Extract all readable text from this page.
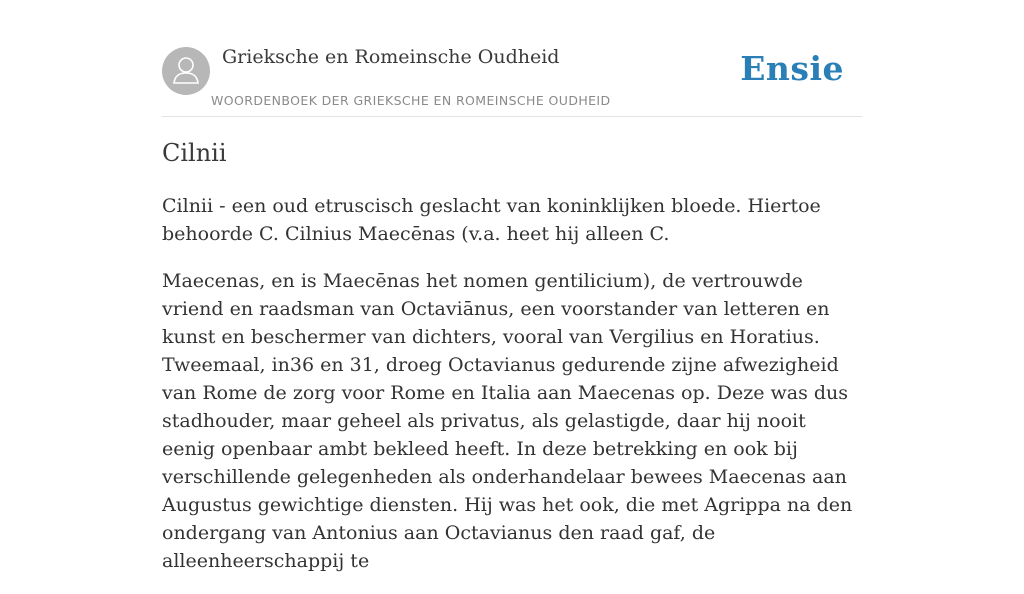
Grieksche en Romeinsche Oudheid
WOORDENBOEK DER GRIEKSCHE EN ROMEINSCHE OUDHEID
Ensie
Cilnii

Cilnii - een oud etruscisch geslacht van koninklijken bloede. Hiertoe behoorde C. Cilnius Maecēnas (v.a. heet hij alleen C.

Maecenas, en is Maecēnas het nomen gentilicium), de vertrouwde vriend en raadsman van Octaviānus, een voorstander van letteren en kunst en beschermer van dichters, vooral van Vergilius en Horatius. Tweemaal, in36 en 31, droeg Octavianus gedurende zijne afwezigheid van Rome de zorg voor Rome en Italia aan Maecenas op. Deze was dus stadhouder, maar geheel als privatus, als gelastigde, daar hij nooit eenig openbaar ambt bekleed heeft. In deze betrekking en ook bij verschillende gelegenheden als onderhandelaar bewees Maecenas aan Augustus gewichtige diensten. Hij was het ook, die met Agrippa na den ondergang van Antonius aan Octavianus den raad gaf, de alleenheerschappij te
